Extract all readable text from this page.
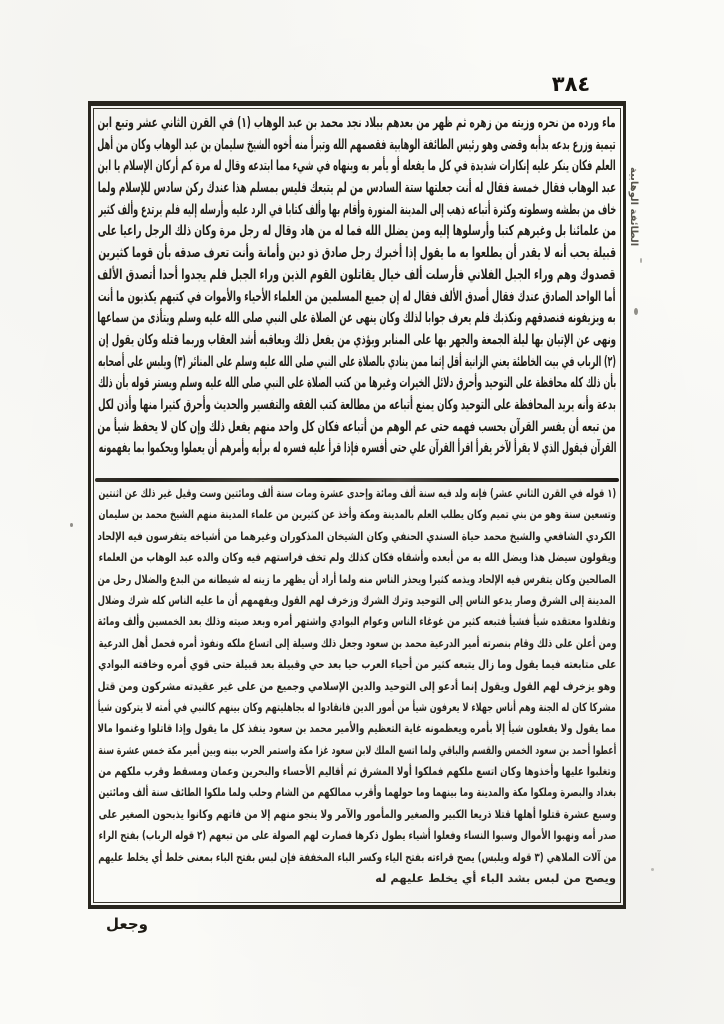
٣٨٤
ماء ورده من نحره وزيته من زهره ثم ظهر من بعدهم ببلاد نجد محمد بن عبد الوهاب (١) في القرن الثاني عشر وتبع ابن
تيمية وزرع بدعه بدأبه وقضى وهو رئيس الطائفة الوهابية فقصمهم الله وتبرأ منه أخوه الشيخ سليمان بن عبد الوهاب وكان من أهل
العلم فكان ينكر عليه إنكارات شديدة في كل ما يفعله أو يأمر به وينهاه في شيء مما ابتدعه وقال له مرة كم أركان الإسلام يا ابن
عبد الوهاب فقال خمسة فقال له أنت جعلتها ستة السادس من لم يتبعك فليس بمسلم هذا عندك ركن سادس للإسلام ولما
خاف من بطشه وسطوته وكثرة أتباعه ذهب إلى المدينة المنورة وأقام بها وألف كتابا في الرد عليه وأرسله إليه فلم يرتدع وألف كثير
من علمائنا بل وغيرهم كتبا وأرسلوها إليه ومن يضلل الله فما له من هاد وقال له رجل مرة وكان ذلك الرجل راعيا على
قبيلة يحب أنه لا يقدر أن يطلعوا به ما يقول إذا أخبرك رجل صادق ذو دين وأمانة وأنت تعرف صدقه بأن قوما كثيرين
قصدوك وهم وراء الجبل الفلاني فأرسلت ألف خيال يقاتلون القوم الذين وراء الجبل فلم يجدوا أحدا أتصدق الألف
أما الواحد الصادق عندك فقال أصدق الألف فقال له إن جميع المسلمين من العلماء الأحياء والأموات في كتبهم يكذبون ما أنت
به ويزيفونه فنصدقهم ونكذبك فلم يعرف جوابا لذلك وكان ينهى عن الصلاة على النبي صلى الله عليه وسلم ويتأذى من سماعها
ونهى عن الإتيان بها ليلة الجمعة والجهر بها على المنابر ويؤذي من يفعل ذلك ويعاقبه أشد العقاب وربما قتله وكان يقول إن
(٢) الرباب في بيت الخاطئة يعني الزانية أقل إثما ممن ينادي بالصلاة على النبي صلى الله عليه وسلم على المنائر (٣) ويلبس على أصحابه
بأن ذلك كله محافظة على التوحيد وأحرق دلائل الخيرات وغيرها من كتب الصلاة على النبي صلى الله عليه وسلم ويستر قوله بأن ذلك
بدعة وأنه يريد المحافظة على التوحيد وكان يمنع أتباعه من مطالعة كتب الفقه والتفسير والحديث وأحرق كثيرا منها وأذن لكل
من تبعه أن يفسر القرآن بحسب فهمه حتى عم الوهم من أتباعه فكان كل واحد منهم يفعل ذلك وإن كان لا يحفظ شيأ من
القرآن فيقول الذي لا يقرأ لآخر يقرأ اقرأ القرآن علي حتى أفسره فإذا قرأ عليه فسره له برأيه وأمرهم أن يعملوا ويحكموا بما يفهمونه
(١ قوله في القرن الثاني عشر) فإنه ولد فيه سنة ألف ومائة وإحدى عشرة ومات سنة ألف ومائتين وست وقيل غير ذلك عن اثنتين
وتسعين سنة وهو من بني تميم وكان يطلب العلم بالمدينة ومكة وأخذ عن كثيرين من علماء المدينة منهم الشيخ محمد بن سليمان
الكردي الشافعي والشيخ محمد حياة السندي الحنفي وكان الشيخان المذكوران وغيرهما من أشياخه يتفرسون فيه الإلحاد
ويقولون سيضل هذا ويضل الله به من أبعده وأشقاه فكان كذلك ولم تخف فراستهم فيه وكان والده عبد الوهاب من العلماء
الصالحين وكان يتفرس فيه الإلحاد ويذمه كثيرا ويحذر الناس منه ولما أراد أن يظهر ما زينه له شيطانه من البدع والضلال رحل من
المدينة إلى الشرق وصار يدعو الناس إلى التوحيد وترك الشرك وزخرف لهم القول ويفهمهم أن ما عليه الناس كله شرك وضلال
وتقلدوا معتقده شيأ فشيأ فتبعه كثير من غوغاء الناس وعوام البوادي واشتهر أمره وبعد صيته وذلك بعد الخمسين وألف ومائة
ومن أعلن على ذلك وقام بنصرته أمير الدرعية محمد بن سعود وجعل ذلك وسيلة إلى اتساع ملكه ونفوذ أمره فحمل أهل الدرعية
على متابعته فيما يقول وما زال يتبعه كثير من أحياء العرب حيا بعد حي وقبيلة بعد قبيلة حتى قوي أمره وخافته البوادي
وهو يزخرف لهم القول ويقول إنما أدعو إلى التوحيد والدين الإسلامي وجميع من على غير عقيدته مشركون ومن قتل
مشركا كان له الجنة وهم أناس جهلاء لا يعرفون شيأ من أمور الدين فانقادوا له بجاهليتهم وكان بينهم كالنبي في أمته لا يتركون شيأ
مما يقول ولا يفعلون شيأ إلا بأمره ويعظمونه غاية التعظيم والأمير محمد بن سعود ينفذ كل ما يقول وإذا قاتلوا وغنموا مالا
أعطوا أحمد بن سعود الخمس والقسم والباقي ولما اتسع الملك لابن سعود غزا مكة واستمر الحرب بينه وبين أمير مكة خمس عشرة سنة
وتغلبوا عليها وأخذوها وكان اتسع ملكهم فملكوا أولا المشرق ثم أقاليم الأحساء والبحرين وعمان ومسقط وقرب ملكهم من
بغداد والبصرة وملكوا مكة والمدينة وما بينهما وما حولهما وأقرب ممالكهم من الشام وحلب ولما ملكوا الطائف سنة ألف ومائتين
وسبع عشرة قتلوا أهلها قتلا ذريعا الكبير والصغير والمأمور والآمر ولا ينجو منهم إلا من فاتهم وكانوا يذبحون الصغير على
صدر أمه ونهبوا الأموال وسبوا النساء وفعلوا أشياء يطول ذكرها فصارت لهم الصولة على من تبعهم (٢ قوله الرباب) بفتح الراء
من آلات الملاهي (٣ قوله ويلبس) يصح قراءته بفتح الياء وكسر الباء المخففة فإن لبس بفتح الباء بمعنى خلط أي يخلط عليهم
ويصح من لبس بشد الباء أي يخلط عليهم له
الطائفة الوهابية
وجعل
